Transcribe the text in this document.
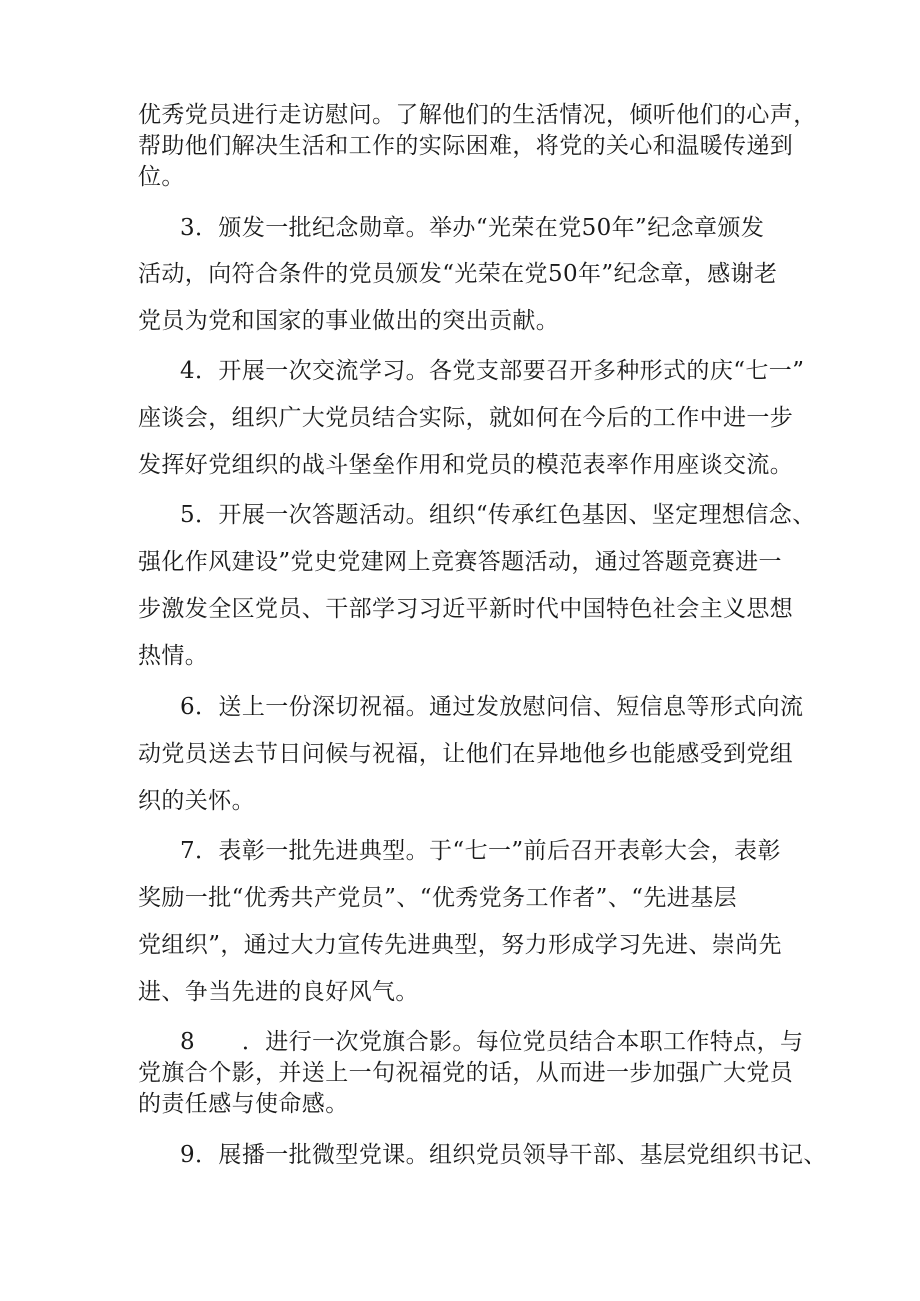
优秀党员进行走访慰问。了解他们的生活情况，倾听他们的心声，
帮助他们解决生活和工作的实际困难，将党的关心和温暖传递到
位。
3．颁发一批纪念勋章。举办“光荣在党50年”纪念章颁发
活动，向符合条件的党员颁发“光荣在党50年”纪念章，感谢老
党员为党和国家的事业做出的突出贡献。
4．开展一次交流学习。各党支部要召开多种形式的庆“七一”
座谈会，组织广大党员结合实际，就如何在今后的工作中进一步
发挥好党组织的战斗堡垒作用和党员的模范表率作用座谈交流。
5．开展一次答题活动。组织“传承红色基因、坚定理想信念、
强化作风建设”党史党建网上竞赛答题活动，通过答题竞赛进一
步激发全区党员、干部学习习近平新时代中国特色社会主义思想
热情。
6．送上一份深切祝福。通过发放慰问信、短信息等形式向流
动党员送去节日问候与祝福，让他们在异地他乡也能感受到党组
织的关怀。
7．表彰一批先进典型。于“七一”前后召开表彰大会，表彰
奖励一批“优秀共产党员”、“优秀党务工作者”、“先进基层
党组织”，通过大力宣传先进典型，努力形成学习先进、崇尚先
进、争当先进的良好风气。
8　　．进行一次党旗合影。每位党员结合本职工作特点，与
党旗合个影，并送上一句祝福党的话，从而进一步加强广大党员
的责任感与使命感。
9．展播一批微型党课。组织党员领导干部、基层党组织书记、
